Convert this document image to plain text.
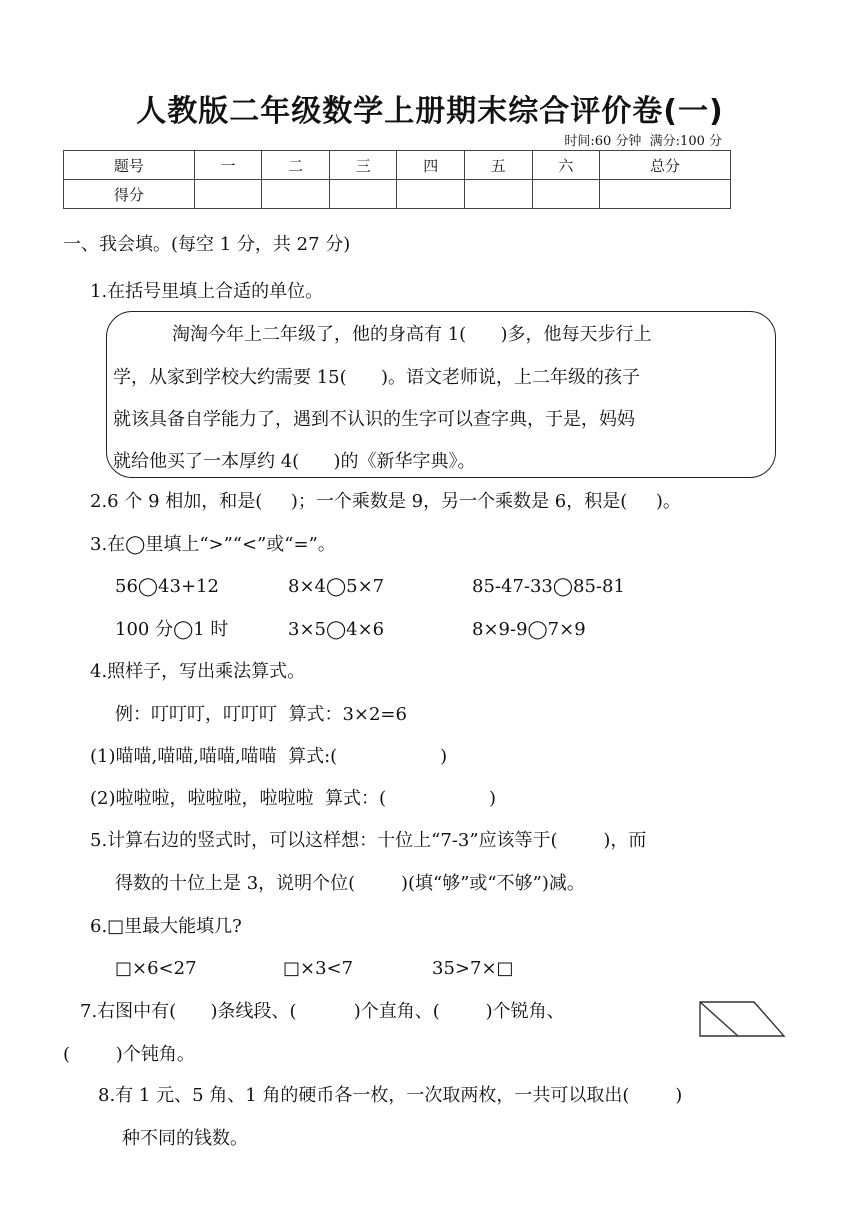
人教版二年级数学上册期末综合评价卷(一)
时间:60 分钟  满分:100 分
题号	一	二	三	四	五	六	总分
得分							
一、我会填。(每空 1 分，共 27 分)
1.在括号里填上合适的单位。
淘淘今年上二年级了，他的身高有 1(      )多，他每天步行上
学，从家到学校大约需要 15(      )。语文老师说，上二年级的孩子
就该具备自学能力了，遇到不认识的生字可以查字典，于是，妈妈
就给他买了一本厚约 4(      )的《新华字典》。
2.6 个 9 相加，和是(     )；一个乘数是 9，另一个乘数是 6，积是(     )。
3.在◯里填上“>”“<”或“=”。
56◯43+12	8×4◯5×7	85-47-33◯85-81
100 分◯1 时	3×5◯4×6	8×9-9◯7×9
4.照样子，写出乘法算式。
例：叮叮叮，叮叮叮  算式：3×2=6
(1)喵喵,喵喵,喵喵,喵喵  算式:(                  )
(2)啦啦啦，啦啦啦，啦啦啦  算式：(                  )
5.计算右边的竖式时，可以这样想：十位上“7-3”应该等于(        )，而
得数的十位上是 3，说明个位(        )(填“够”或“不够”)减。
6.□里最大能填几?
□×6<27	□×3<7	35>7×□
7.右图中有(      )条线段、(          )个直角、(        )个锐角、
(        )个钝角。
8.有 1 元、5 角、1 角的硬币各一枚，一次取两枚，一共可以取出(        )
种不同的钱数。
